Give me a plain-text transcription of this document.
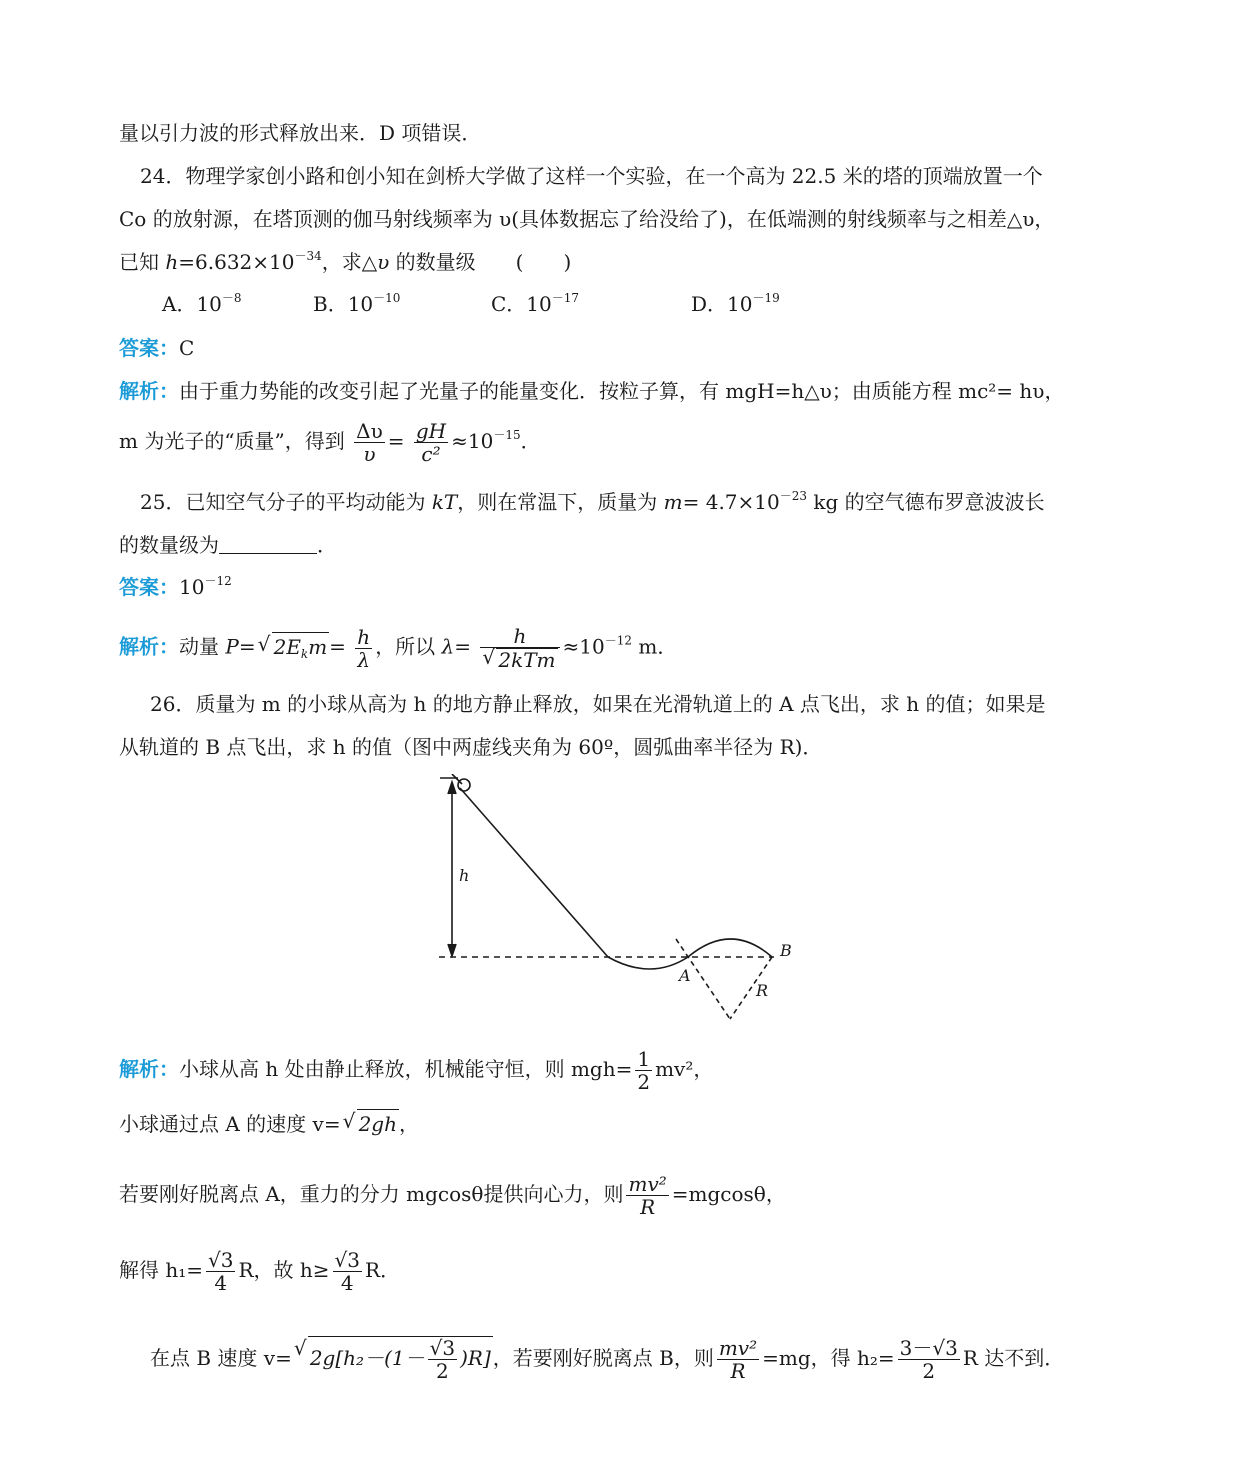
量以引力波的形式释放出来．D 项错误．
24．物理学家创小路和创小知在剑桥大学做了这样一个实验，在一个高为 22.5 米的塔的顶端放置一个
Co 的放射源，在塔顶测的伽马射线频率为 υ(具体数据忘了给没给了)，在低端测的射线频率与之相差△υ，
已知 $h=6.632\times 10^{-34}$，求△υ 的数量级　　(　　)
A．$10^{-8}$	B．$10^{-10}$	C．$10^{-17}$	D．$10^{-19}$
答案：C
解析：由于重力势能的改变引起了光量子的能量变化．按粒子算，有 mgH=h△υ；由质能方程 mc²= hυ，
m 为光子的“质量”，得到 $\frac{\Delta\upsilon}{\upsilon} = \frac{gH}{\text{c²}} \approx 10^{-15}$．
25．已知空气分子的平均动能为 kT，则在常温下，质量为 $m= 4.7\times 10^{-23}$ kg 的空气德布罗意波波长
的数量级为	．
答案：$10^{-12}$
解析：动量 P= √ $2E_km = \frac{h}{\lambda}$ ，所以 λ= h
√ $2kTm \approx 10^{-12}$ m．
26．质量为 m 的小球从高为 h 的地方静止释放，如果在光滑轨道上的 A 点飞出，求 h 的值；如果是
从轨道的 B 点飞出，求 h 的值（图中两虚线夹角为 60º，圆弧曲率半径为 R)．
h
A
B
R
解析：小球从高 h 处由静止释放，机械能守恒，则 $mgh= \frac{1}{2} mv^2$，
小球通过点 A 的速度 v= √ 2gh ，
若要刚好脱离点 A，重力的分力 mgcosθ提供向心力，则 $\frac{\text{mv²}}{R} =mgcos\theta$，
解得 $h_1= \frac{√3}{4}$ R，故 $h\ge \frac{√3}{4}$ R．
在点 B 速度 v= √ $2g[h_2-(1- \frac{√3}{2} )R]$ ，若要刚好脱离点 B，则 $\frac{\text{mv²}}{R} =mg$，得 $h_2= \frac{3-√3}{2}$ R 达不到．
